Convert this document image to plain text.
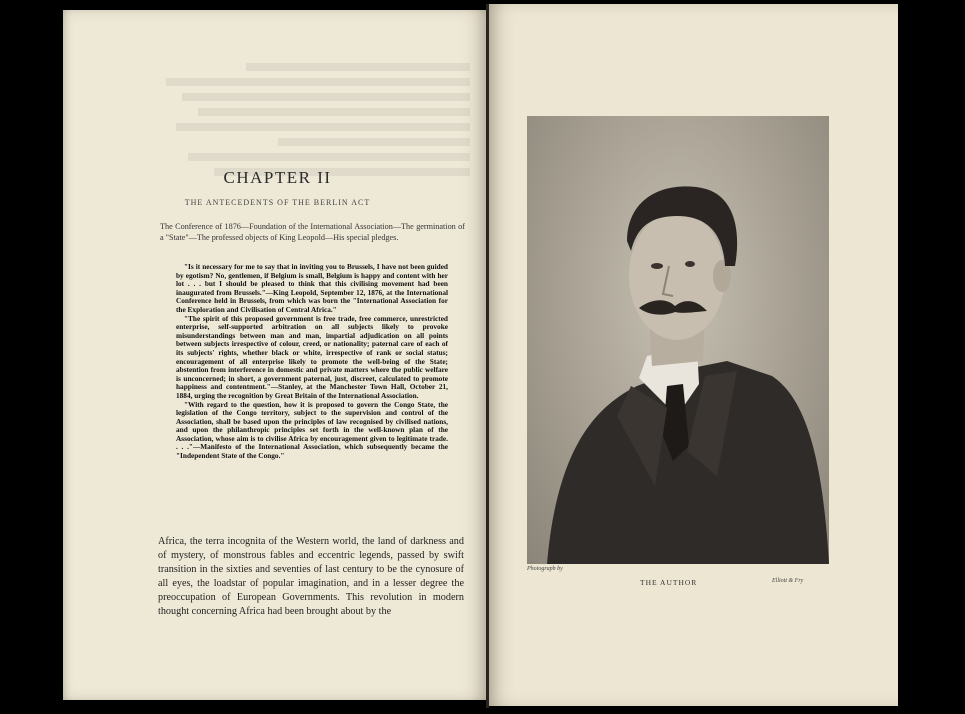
CHAPTER II
THE ANTECEDENTS OF THE BERLIN ACT
The Conference of 1876—Foundation of the International Association—The germination of a "State"—The professed objects of King Leopold—His special pledges.

"Is it necessary for me to say that in inviting you to Brussels, I have not been guided by egotism? No, gentlemen, if Belgium is small, Belgium is happy and content with her lot . . . but I should be pleased to think that this civilising movement had been inaugurated from Brussels."—King Leopold, September 12, 1876, at the International Conference held in Brussels, from which was born the "International Association for the Exploration and Civilisation of Central Africa."

"The spirit of this proposed government is free trade, free commerce, unrestricted enterprise, self-supported arbitration on all subjects likely to provoke misunderstandings between man and man, impartial adjudication on all points between subjects irrespective of colour, creed, or nationality; paternal care of each of its subjects' rights, whether black or white, irrespective of rank or social status; encouragement of all enterprise likely to promote the well-being of the State; abstention from interference in domestic and private matters where the public welfare is unconcerned; in short, a government paternal, just, discreet, calculated to promote happiness and contentment."—Stanley, at the Manchester Town Hall, October 21, 1884, urging the recognition by Great Britain of the International Association.

"With regard to the question, how it is proposed to govern the Congo State, the legislation of the Congo territory, subject to the supervision and control of the Association, shall be based upon the principles of law recognised by civilised nations, and upon the philanthropic principles set forth in the well-known plan of the Association, whose aim is to civilise Africa by encouragement given to legitimate trade. . . ."—Manifesto of the International Association, which subsequently became the "Independent State of the Congo."

Africa, the terra incognita of the Western world, the land of darkness and of mystery, of monstrous fables and eccentric legends, passed by swift transition in the sixties and seventies of last century to be the cynosure of all eyes, the loadstar of popular imagination, and in a lesser degree the preoccupation of European Governments. This revolution in modern thought concerning Africa had been brought about by the
Photograph by
THE AUTHOR	Elliott & Fry
